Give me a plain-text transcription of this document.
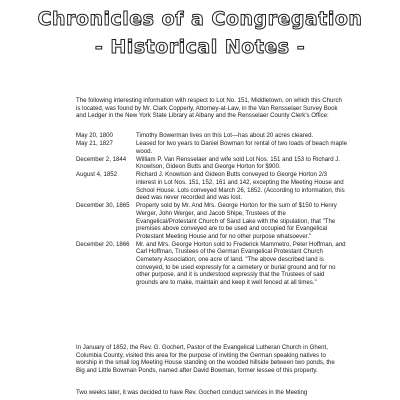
Chronicles of a Congregation
- Historical Notes -
The following interesting information with respect to Lot No. 151, Middletown, on which this Church is located, was found by Mr. Clark Copperly, Attorney-at-Law, in the Van Rensselaer Survey Book and Ledger in the New York State Library at Albany and the Rensselaer County Clerk's Office:
May 20, 1800	Timothy Bowerman lives on this Lot—has about 20 acres cleared.
May 21, 1827	Leased for two years to Daniel Bowman for rental of two loads of beach maple wood.
December 2, 1844	William P. Van Rensselaer and wife sold Lot Nos. 151 and 153 to Richard J. Knowlson, Gideon Butts and George Horton for $900.
August 4, 1852	Richard J. Knowlson and Gideon Butts conveyed to George Horton 2/3 interest in Lot Nos. 151, 152, 161 and 142, excepting the Meeting House and School House. Lots conveyed March 26, 1852. (According to information, this deed was never recorded and was lost.
December 30, 1865	Property sold by Mr. And Mrs. George Horton for the sum of $150 to Henry Werger, John Werger, and Jacob Shipe, Trustees of the Evangelical/Protestant Church of Sand Lake with the stipulation, that "The premises above conveyed are to be used and occupied for Evangelical Protestant Meeting House and for no other purpose whatsoever."
December 20, 1866	Mr. and Mrs. George Horton sold to Frederick Mammetro, Peter Hoffman, and Carl Hoffman, Trustees of the German Evangelical Protestant Church Cemetery Association, one acre of land. "The above described land is conveyed, to be used expressly for a cemetery or burial ground and for no other purpose, and it is understood expressly that the Trustees of said grounds are to make, maintain and keep it well fenced at all times."
In January of 1852, the Rev. G. Gochert, Pastor of the Evangelical Lutheran Church in Ghent, Columbia County, visited this area for the purpose of inviting the German speaking natives to worship in the small log Meeting House standing on the wooded hillside between two ponds, the Big and Little Bowman Ponds, named after David Bowman, former lessee of this property.
Two weeks later, it was decided to have Rev. Gochert conduct services in the Meeting
